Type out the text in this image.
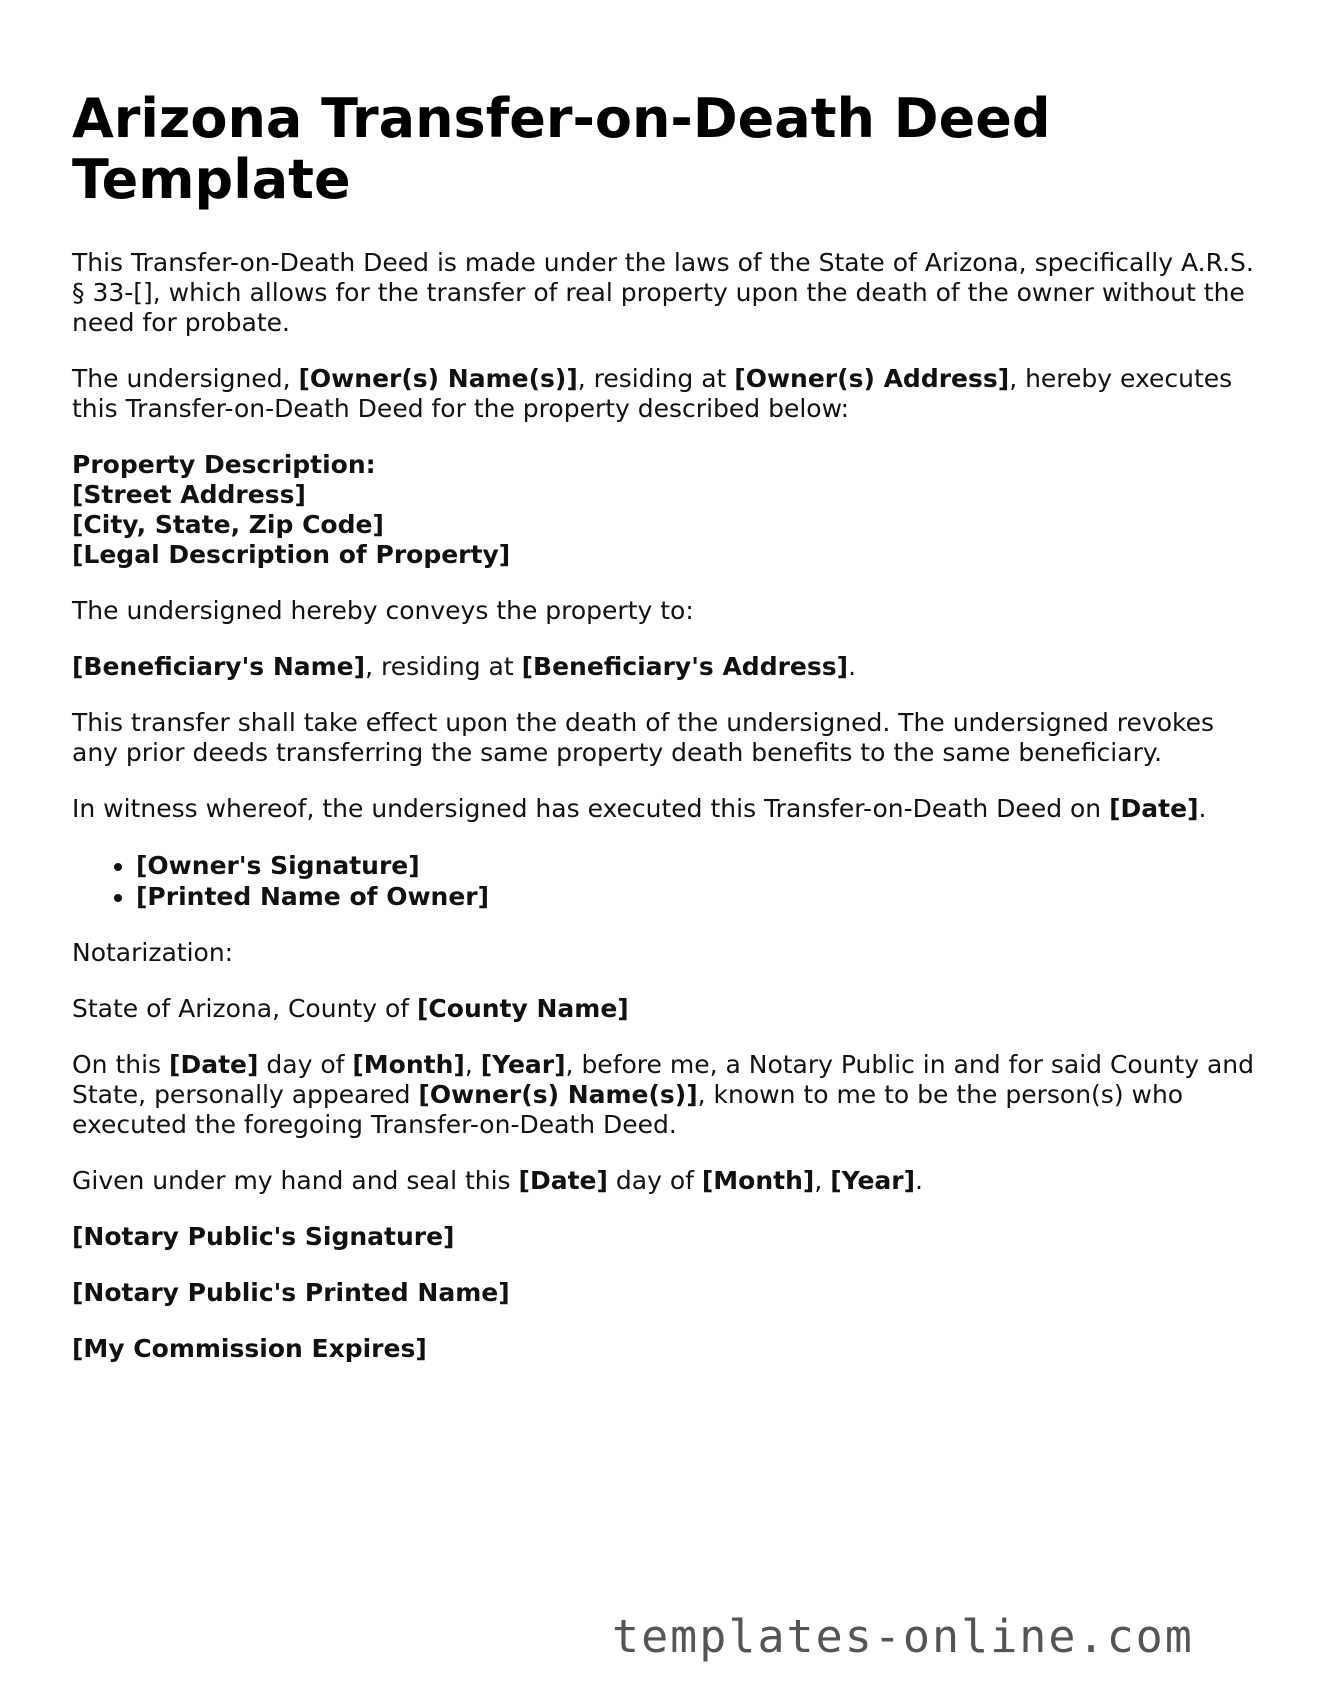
Arizona Transfer-on-Death Deed Template

This Transfer-on-Death Deed is made under the laws of the State of Arizona, specifically A.R.S. § 33-[], which allows for the transfer of real property upon the death of the owner without the need for probate.

The undersigned, [Owner(s) Name(s)], residing at [Owner(s) Address], hereby executes this Transfer-on-Death Deed for the property described below:

Property Description:
[Street Address]
[City, State, Zip Code]
[Legal Description of Property]

The undersigned hereby conveys the property to:

[Beneficiary's Name], residing at [Beneficiary's Address].

This transfer shall take effect upon the death of the undersigned. The undersigned revokes any prior deeds transferring the same property death benefits to the same beneficiary.

In witness whereof, the undersigned has executed this Transfer-on-Death Deed on [Date].

• [Owner's Signature]
• [Printed Name of Owner]

Notarization:

State of Arizona, County of [County Name]

On this [Date] day of [Month], [Year], before me, a Notary Public in and for said County and State, personally appeared [Owner(s) Name(s)], known to me to be the person(s) who executed the foregoing Transfer-on-Death Deed.

Given under my hand and seal this [Date] day of [Month], [Year].

[Notary Public's Signature]
[Notary Public's Printed Name]
[My Commission Expires]
templates-online.com
